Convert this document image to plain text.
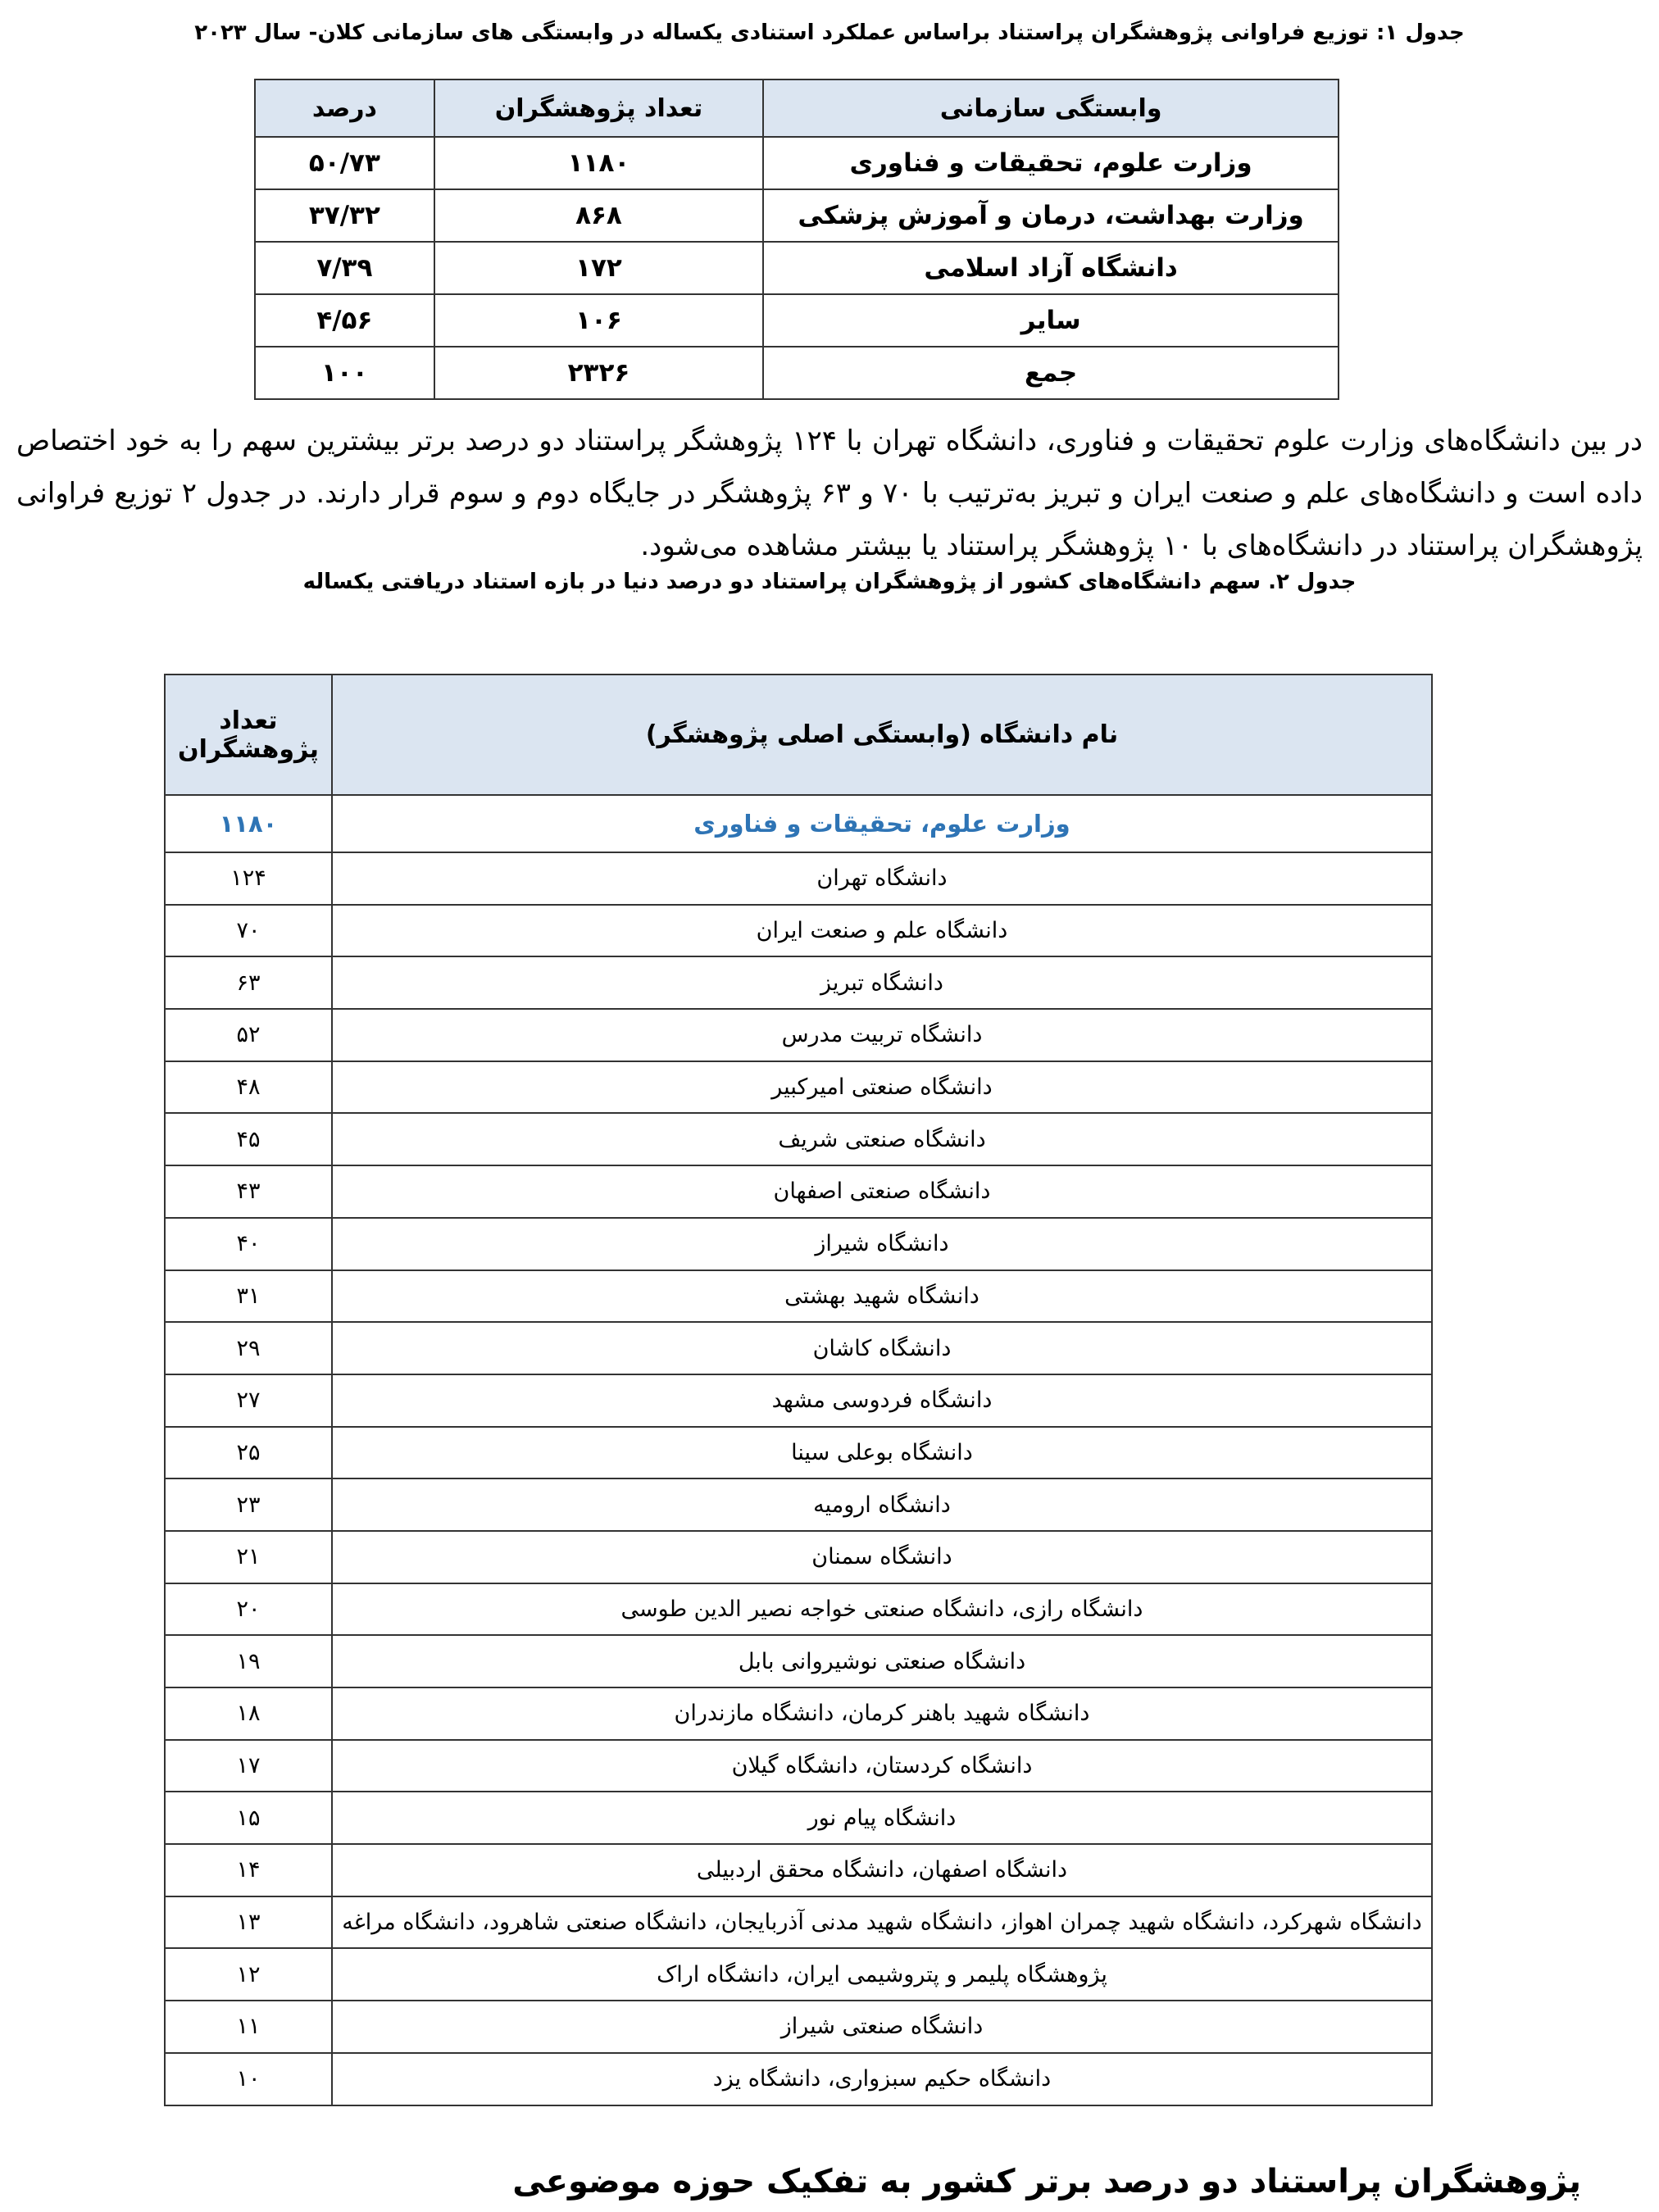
جدول ۱: توزیع فراوانی پژوهشگران پراستناد براساس عملکرد استنادی یکساله در وابستگی های سازمانی کلان- سال ۲۰۲۳
وابستگی سازمانی	تعداد پژوهشگران	درصد
وزارت علوم، تحقیقات و فناوری	۱۱۸۰	۵۰/۷۳
وزارت بهداشت، درمان و آموزش پزشکی	۸۶۸	۳۷/۳۲
دانشگاه آزاد اسلامی	۱۷۲	۷/۳۹
سایر	۱۰۶	۴/۵۶
جمع	۲۳۲۶	۱۰۰

در بین دانشگاه‌های وزارت علوم تحقیقات و فناوری، دانشگاه تهران با ۱۲۴ پژوهشگر پراستناد دو درصد برتر بیشترین سهم را به خود اختصاص داده است و دانشگاه‌های علم و صنعت ایران و تبریز به‌ترتیب با ۷۰ و ۶۳ پژوهشگر در جایگاه دوم و سوم قرار دارند. در جدول ۲ توزیع فراوانی پژوهشگران پراستناد در دانشگاه‌های با ۱۰ پژوهشگر پراستناد یا بیشتر مشاهده می‌شود.

جدول ۲. سهم دانشگاه‌های کشور از پژوهشگران پراستناد دو درصد دنیا در بازه استناد دریافتی یکساله
نام دانشگاه (وابستگی اصلی پژوهشگر)	تعداد
پژوهشگران

وزارت علوم، تحقیقات و فناوری	۱۱۸۰
دانشگاه تهران	۱۲۴
دانشگاه علم و صنعت ایران	۷۰
دانشگاه تبریز	۶۳
دانشگاه تربیت مدرس	۵۲
دانشگاه صنعتی امیرکبیر	۴۸
دانشگاه صنعتی شریف	۴۵
دانشگاه صنعتی اصفهان	۴۳
دانشگاه شیراز	۴۰
دانشگاه شهید بهشتی	۳۱
دانشگاه کاشان	۲۹
دانشگاه فردوسی مشهد	۲۷
دانشگاه بوعلی سینا	۲۵
دانشگاه ارومیه	۲۳
دانشگاه سمنان	۲۱
دانشگاه رازی، دانشگاه صنعتی خواجه نصیر الدین طوسی	۲۰
دانشگاه صنعتی نوشیروانی بابل	۱۹
دانشگاه شهید باهنر کرمان، دانشگاه مازندران	۱۸
دانشگاه کردستان، دانشگاه گیلان	۱۷
دانشگاه پیام نور	۱۵
دانشگاه اصفهان، دانشگاه محقق اردبیلی	۱۴
دانشگاه شهرکرد، دانشگاه شهید چمران اهواز، دانشگاه شهید مدنی آذربایجان، دانشگاه صنعتی شاهرود، دانشگاه مراغه	۱۳
پژوهشگاه پلیمر و پتروشیمی ایران، دانشگاه اراک	۱۲
دانشگاه صنعتی شیراز	۱۱
دانشگاه حکیم سبزواری، دانشگاه یزد	۱۰
پژوهشگران پراستناد دو درصد برتر کشور به تفکیک حوزه موضوعی
